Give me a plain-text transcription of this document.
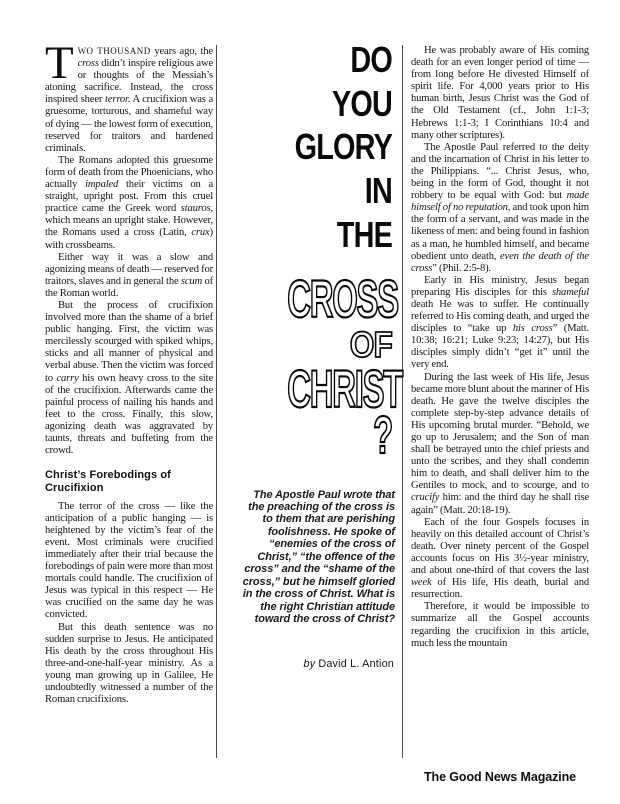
TWO THOUSAND years ago, the cross didn’t inspire religious awe or thoughts of the Messiah’s atoning sacrifice. Instead, the cross inspired sheer terror. A crucifixion was a gruesome, torturous, and shameful way of dying — the lowest form of execution, reserved for traitors and hardened criminals.

The Romans adopted this gruesome form of death from the Phoenicians, who actually impaled their victims on a straight, upright post. From this cruel practice came the Greek word stauros, which means an upright stake. However, the Romans used a cross (Latin, crux) with crossbeams.

Either way it was a slow and agonizing means of death — reserved for traitors, slaves and in general the scum of the Roman world.

But the process of crucifixion involved more than the shame of a brief public hanging. First, the victim was mercilessly scourged with spiked whips, sticks and all manner of physical and verbal abuse. Then the victim was forced to carry his own heavy cross to the site of the crucifixion. Afterwards came the painful process of nailing his hands and feet to the cross. Finally, this slow, agonizing death was aggravated by taunts, threats and buffeting from the crowd.

Christ’s Forebodings of Crucifixion

The terror of the cross — like the anticipation of a public hanging — is heightened by the victim’s fear of the event. Most criminals were crucified immediately after their trial because the forebodings of pain were more than most mortals could handle. The crucifixion of Jesus was typical in this respect — He was crucified on the same day he was convicted.

But this death sentence was no sudden surprise to Jesus. He anticipated His death by the cross throughout His three-and-one-half-year ministry. As a young man growing up in Galilee, He undoubtedly witnessed a number of the Roman crucifixions.

DO
YOU
GLORY
IN
THE
CROSS
OF
CHRIST
?

The Apostle Paul wrote that the preaching of the cross is to them that are perishing foolishness. He spoke of “enemies of the cross of Christ,” “the offence of the cross” and the “shame of the cross,” but he himself gloried in the cross of Christ. What is the right Christian attitude toward the cross of Christ?

by David L. Antion

He was probably aware of His coming death for an even longer period of time — from long before He divested Himself of spirit life. For 4,000 years prior to His human birth, Jesus Christ was the God of the Old Testament (cf., John 1:1-3; Hebrews 1:1-3; I Corinthians 10:4 and many other scriptures).

The Apostle Paul referred to the deity and the incarnation of Christ in his letter to the Philippians. “... Christ Jesus, who, being in the form of God, thought it not robbery to be equal with God: but made himself of no reputation, and took upon him the form of a servant, and was made in the likeness of men: and being found in fashion as a man, he humbled himself, and became obedient unto death, even the death of the cross” (Phil. 2:5-8).

Early in His ministry, Jesus began preparing His disciples for this shameful death He was to suffer. He continually referred to His coming death, and urged the disciples to “take up his cross” (Matt. 10:38; 16:21; Luke 9:23; 14:27), but His disciples simply didn’t “get it” until the very end.

During the last week of His life, Jesus became more blunt about the manner of His death. He gave the twelve disciples the complete step-by-step advance details of His upcoming brutal murder. “Behold, we go up to Jerusalem; and the Son of man shall be betrayed unto the chief priests and unto the scribes, and they shall condemn him to death, and shall deliver him to the Gentiles to mock, and to scourge, and to crucify him: and the third day he shall rise again” (Matt. 20:18-19).

Each of the four Gospels focuses in heavily on this detailed account of Christ’s death. Over ninety percent of the Gospel accounts focus on His 3½-year ministry, and about one-third of that covers the last week of His life, His death, burial and resurrection.

Therefore, it would be impossible to summarize all the Gospel accounts regarding the crucifixion in this article, much less the mountain

The Good News Magazine
